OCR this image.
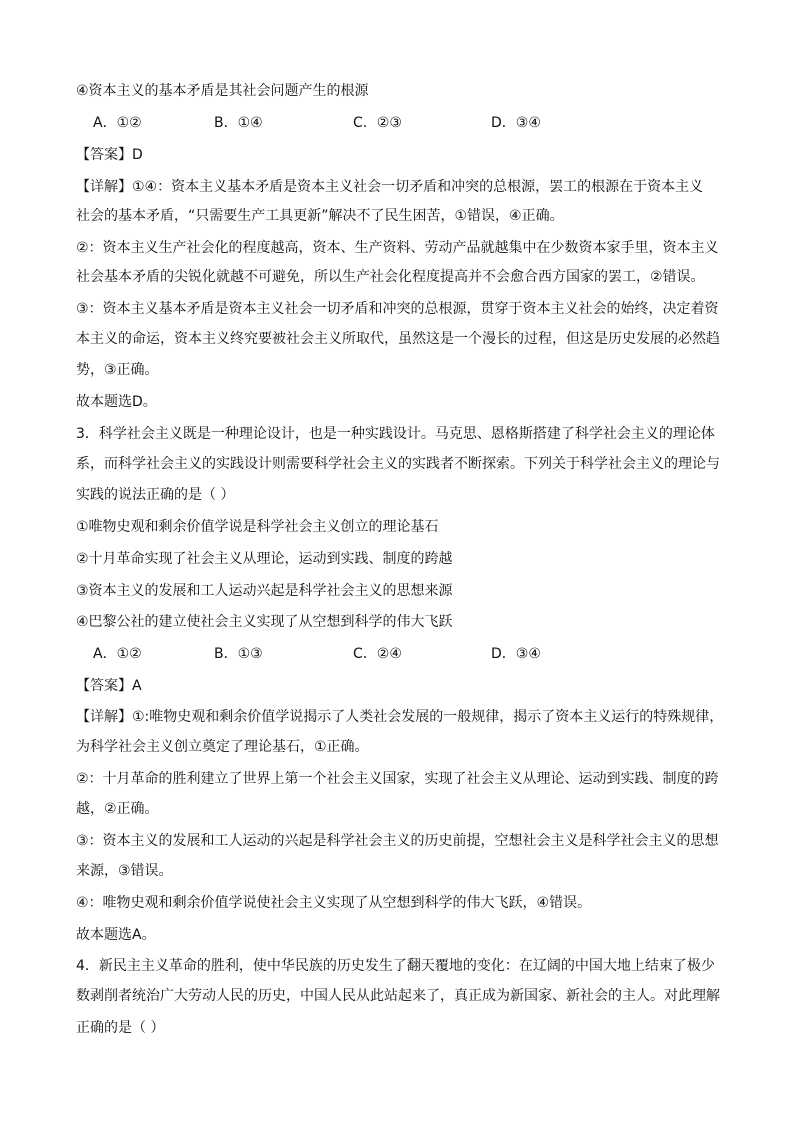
④资本主义的基本矛盾是其社会问题产生的根源
A．①②	B．①④	C．②③	D．③④
【答案】D
【详解】①④：资本主义基本矛盾是资本主义社会一切矛盾和冲突的总根源，罢工的根源在于资本主义
社会的基本矛盾，“只需要生产工具更新”解决不了民生困苦，①错误，④正确。
②：资本主义生产社会化的程度越高，资本、生产资料、劳动产品就越集中在少数资本家手里，资本主义
社会基本矛盾的尖锐化就越不可避免，所以生产社会化程度提高并不会愈合西方国家的罢工，②错误。
③：资本主义基本矛盾是资本主义社会一切矛盾和冲突的总根源，贯穿于资本主义社会的始终，决定着资
本主义的命运，资本主义终究要被社会主义所取代，虽然这是一个漫长的过程，但这是历史发展的必然趋
势，③正确。
故本题选D。
3．科学社会主义既是一种理论设计，也是一种实践设计。马克思、恩格斯搭建了科学社会主义的理论体
系，而科学社会主义的实践设计则需要科学社会主义的实践者不断探索。下列关于科学社会主义的理论与
实践的说法正确的是（ ）
①唯物史观和剩余价值学说是科学社会主义创立的理论基石
②十月革命实现了社会主义从理论，运动到实践、制度的跨越
③资本主义的发展和工人运动兴起是科学社会主义的思想来源
④巴黎公社的建立使社会主义实现了从空想到科学的伟大飞跃
A．①②	B．①③	C．②④	D．③④
【答案】A
【详解】①:唯物史观和剩余价值学说揭示了人类社会发展的一般规律，揭示了资本主义运行的特殊规律，
为科学社会主义创立奠定了理论基石，①正确。
②：十月革命的胜利建立了世界上第一个社会主义国家，实现了社会主义从理论、运动到实践、制度的跨
越，②正确。
③：资本主义的发展和工人运动的兴起是科学社会主义的历史前提，空想社会主义是科学社会主义的思想
来源，③错误。
④：唯物史观和剩余价值学说使社会主义实现了从空想到科学的伟大飞跃，④错误。
故本题选A。
4．新民主主义革命的胜利，使中华民族的历史发生了翻天覆地的变化：在辽阔的中国大地上结束了极少
数剥削者统治广大劳动人民的历史，中国人民从此站起来了，真正成为新国家、新社会的主人。对此理解
正确的是（ ）
